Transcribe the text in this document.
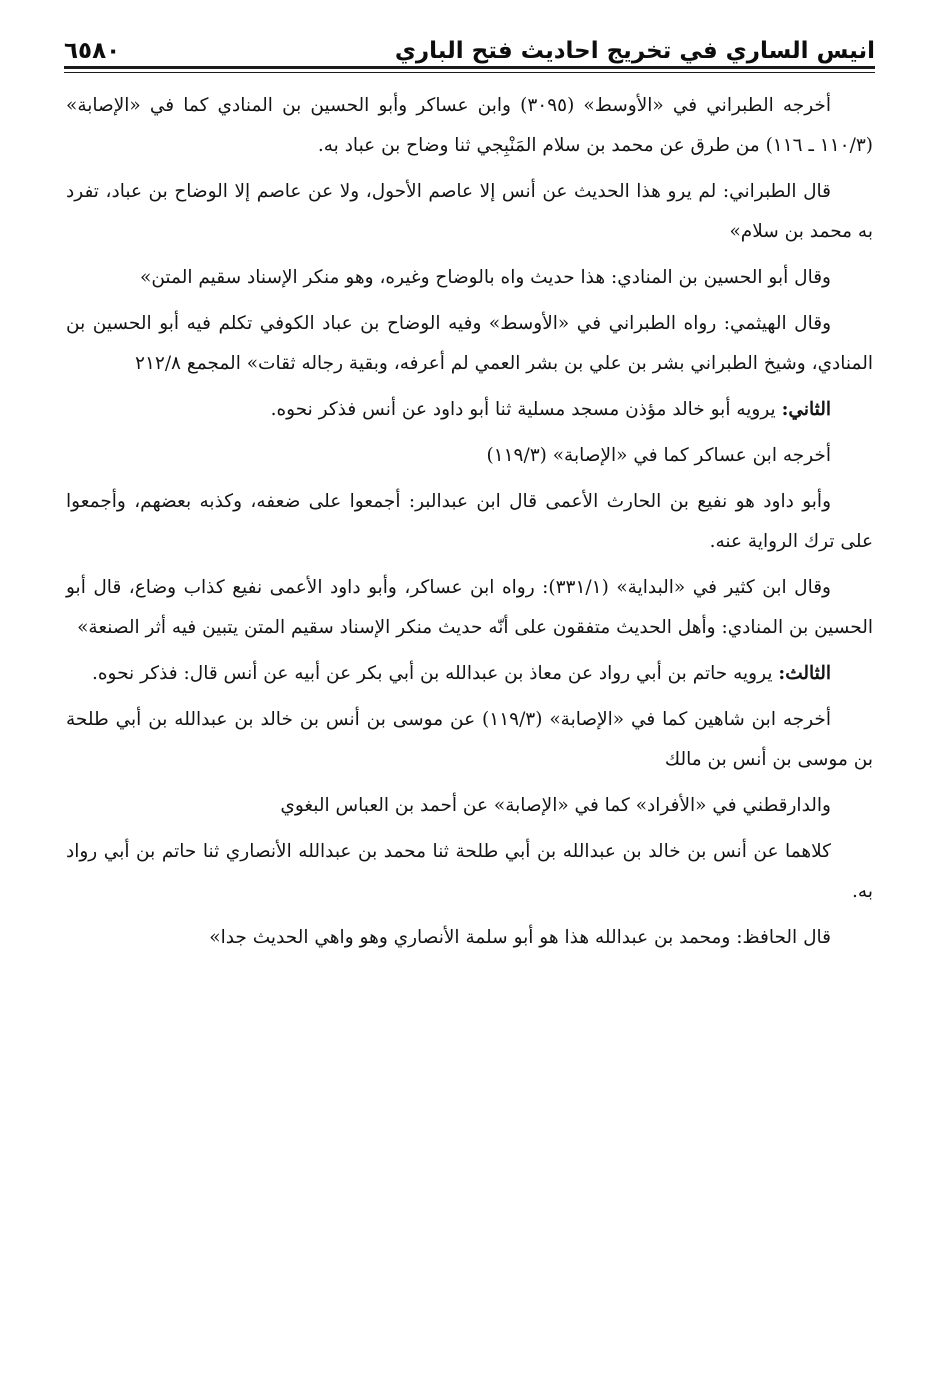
انيس الساري في تخريج احاديث فتح الباري
٦٥٨٠

أخرجه الطبراني في «الأوسط» (٣٠٩٥) وابن عساكر وأبو الحسين بن المنادي كما في «الإصابة» (١١٠/٣ ـ ١١٦) من طرق عن محمد بن سلام المَنْبِجي ثنا وضاح بن عباد به.

قال الطبراني: لم يرو هذا الحديث عن أنس إلا عاصم الأحول، ولا عن عاصم إلا الوضاح بن عباد، تفرد به محمد بن سلام»

وقال أبو الحسين بن المنادي: هذا حديث واه بالوضاح وغيره، وهو منكر الإسناد سقيم المتن»

وقال الهيثمي: رواه الطبراني في «الأوسط» وفيه الوضاح بن عباد الكوفي تكلم فيه أبو الحسين بن المنادي، وشيخ الطبراني بشر بن علي بن بشر العمي لم أعرفه، وبقية رجاله ثقات» المجمع ٢١٢/٨

الثاني: يرويه أبو خالد مؤذن مسجد مسلية ثنا أبو داود عن أنس فذكر نحوه.

أخرجه ابن عساكر كما في «الإصابة» (١١٩/٣)

وأبو داود هو نفيع بن الحارث الأعمى قال ابن عبدالبر: أجمعوا على ضعفه، وكذبه بعضهم، وأجمعوا على ترك الرواية عنه.

وقال ابن كثير في «البداية» (٣٣١/١): رواه ابن عساكر، وأبو داود الأعمى نفيع كذاب وضاع، قال أبو الحسين بن المنادي: وأهل الحديث متفقون على أنّه حديث منكر الإسناد سقيم المتن يتبين فيه أثر الصنعة»

الثالث: يرويه حاتم بن أبي رواد عن معاذ بن عبدالله بن أبي بكر عن أبيه عن أنس قال: فذكر نحوه.

أخرجه ابن شاهين كما في «الإصابة» (١١٩/٣) عن موسى بن أنس بن خالد بن عبدالله بن أبي طلحة بن موسى بن أنس بن مالك

والدارقطني في «الأفراد» كما في «الإصابة» عن أحمد بن العباس البغوي

كلاهما عن أنس بن خالد بن عبدالله بن أبي طلحة ثنا محمد بن عبدالله الأنصاري ثنا حاتم بن أبي رواد به.

قال الحافظ: ومحمد بن عبدالله هذا هو أبو سلمة الأنصاري وهو واهي الحديث جدا»
